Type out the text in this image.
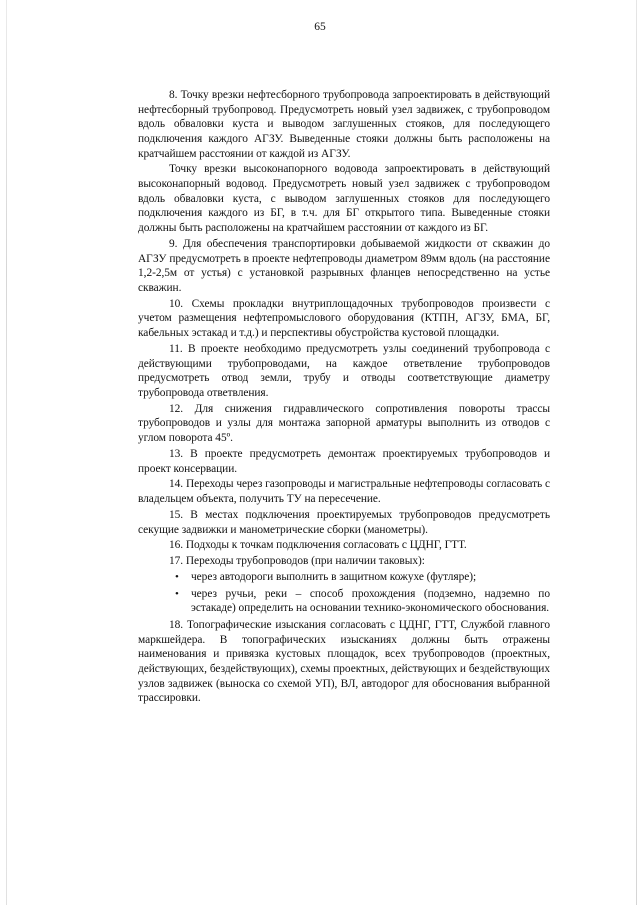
65

8. Точку врезки нефтесборного трубопровода запроектировать в действующий нефтесборный трубопровод. Предусмотреть новый узел задвижек, с трубопроводом вдоль обваловки куста и выводом заглушенных стояков, для последующего подключения каждого АГЗУ. Выведенные стояки должны быть расположены на кратчайшем расстоянии от каждой из АГЗУ.

Точку врезки высоконапорного водовода запроектировать в действующий высоконапорный водовод. Предусмотреть новый узел задвижек с трубопроводом вдоль обваловки куста, с выводом заглушенных стояков для последующего подключения каждого из БГ, в т.ч. для БГ открытого типа. Выведенные стояки должны быть расположены на кратчайшем расстоянии от каждого из БГ.

9. Для обеспечения транспортировки добываемой жидкости от скважин до АГЗУ предусмотреть в проекте нефтепроводы диаметром 89мм вдоль (на расстояние 1,2-2,5м от устья) с установкой разрывных фланцев непосредственно на устье скважин.

10. Схемы прокладки внутриплощадочных трубопроводов произвести с учетом размещения нефтепромыслового оборудования (КТПН, АГЗУ, БМА, БГ, кабельных эстакад и т.д.) и перспективы обустройства кустовой площадки.

11. В проекте необходимо предусмотреть узлы соединений трубопровода с действующими трубопроводами, на каждое ответвление трубопроводов предусмотреть отвод земли, трубу и отводы соответствующие диаметру трубопровода ответвления.

12. Для снижения гидравлического сопротивления повороты трассы трубопроводов и узлы для монтажа запорной арматуры выполнить из отводов с углом поворота 45º.

13. В проекте предусмотреть демонтаж проектируемых трубопроводов и проект консервации.

14. Переходы через газопроводы и магистральные нефтепроводы согласовать с владельцем объекта, получить ТУ на пересечение.

15. В местах подключения проектируемых трубопроводов предусмотреть секущие задвижки и манометрические сборки (манометры).

16. Подходы к точкам подключения согласовать с ЦДНГ, ГТТ.

17. Переходы трубопроводов (при наличии таковых):

• через автодороги выполнить в защитном кожухе (футляре);
• через ручьи, реки – способ прохождения (подземно, надземно по эстакаде) определить на основании технико-экономического обоснования.

18. Топографические изыскания согласовать с ЦДНГ, ГТТ, Службой главного маркшейдера. В топографических изысканиях должны быть отражены наименования и привязка кустовых площадок, всех трубопроводов (проектных, действующих, бездействующих), схемы проектных, действующих и бездействующих узлов задвижек (выноска со схемой УП), ВЛ, автодорог для обоснования выбранной трассировки.
